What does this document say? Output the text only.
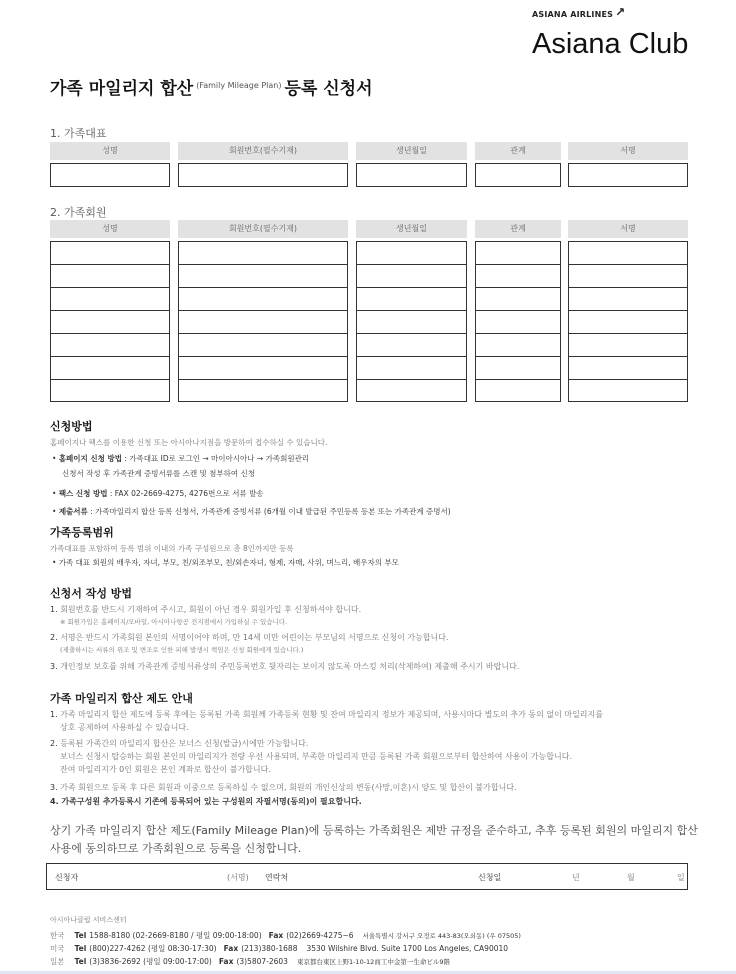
ASIANA AIRLINES ↗
Asiana Club
가족 마일리지 합산 (Family Mileage Plan) 등록 신청서
1. 가족대표
성명	회원번호(필수기재)	생년월일	관계	서명
2. 가족회원
성명	회원번호(필수기재)	생년월일	관계	서명
신청방법
홈페이지나 팩스를 이용한 신청 또는 아시아나지점을 방문하여 접수하실 수 있습니다.
• 홈페이지 신청 방법 : 가족대표 ID로 로그인 → 마이아시아나 → 가족회원관리
신청서 작성 후 가족관계 증빙서류를 스캔 및 첨부하여 신청
• 팩스 신청 방법 : FAX 02-2669-4275, 4276번으로 서류 발송
• 제출서류 : 가족마일리지 합산 등록 신청서, 가족관계 증빙서류 (6개월 이내 발급된 주민등록 등본 또는 가족관계 증명서)
가족등록범위
가족대표를 포함하여 등록 범위 이내의 가족 구성원으로 총 8인까지만 등록
• 가족 대표 회원의 배우자, 자녀, 부모, 친/외조부모, 친/외손자녀, 형제, 자매, 사위, 며느리, 배우자의 부모
신청서 작성 방법
1. 회원번호를 반드시 기재하여 주시고, 회원이 아닌 경우 회원가입 후 신청하셔야 합니다.
※ 회원가입은 홈페이지/모바일, 아시아나항공 전지점에서 가입하실 수 있습니다.
2. 서명은 반드시 가족회원 본인의 서명이어야 하며, 만 14세 미만 어린이는 부모님의 서명으로 신청이 가능합니다.
(제출하시는 서류의 위조 및 변조로 인한 피해 발생시 책임은 신청 회원에게 있습니다.)
3. 개인정보 보호를 위해 가족관계 증빙서류상의 주민등록번호 뒷자리는 보이지 않도록 마스킹 처리(삭제하여) 제출해 주시기 바랍니다.
가족 마일리지 합산 제도 안내
1. 가족 마일리지 합산 제도에 등록 후에는 등록된 가족 회원께 가족등록 현황 및 잔여 마일리지 정보가 제공되며, 사용시마다 별도의 추가 동의 없이 마일리지를
상호 공제하여 사용하실 수 있습니다.
2. 등록된 가족간의 마일리지 합산은 보너스 신청(발급)시에만 가능합니다.
보너스 신청시 탑승하는 회원 본인의 마일리지가 전량 우선 사용되며, 부족한 마일리지 만큼 등록된 가족 회원으로부터 합산하여 사용이 가능합니다.
잔여 마일리지가 0인 회원은 본인 계좌로 합산이 불가합니다.
3. 가족 회원으로 등록 후 다른 회원과 이중으로 등록하실 수 없으며, 회원의 개인신상의 변동(사망,이혼)시 양도 및 합산이 불가합니다.
4. 가족구성원 추가등록시 기존에 등록되어 있는 구성원의 자필서명(동의)이 필요합니다.
상기 가족 마일리지 합산 제도(Family Mileage Plan)에 등록하는 가족회원은 제반 규정을 준수하고, 추후 등록된 회원의 마일리지 합산 사용에 동의하므로 가족회원으로 등록을 신청합니다.
신청자	(서명) 연락처	신청일	년	월	일
아시아나클럽 서비스센터
한국 Tel 1588-8180 (02-2669-8180 / 평일 09:00-18:00) Fax (02)2669-4275~6 서울특별시 강서구 오정로 443-83(오쇠동) (우 07505)
미국 Tel (800)227-4262 (평일 08:30-17:30) Fax (213)380-1688 3530 Wilshire Blvd. Suite 1700 Los Angeles, CA90010
일본 Tel (3)3836-2692 (평일 09:00-17:00) Fax (3)5807-2603 東京都台東区上野1-10-12商工中金第一生命ビル9階
